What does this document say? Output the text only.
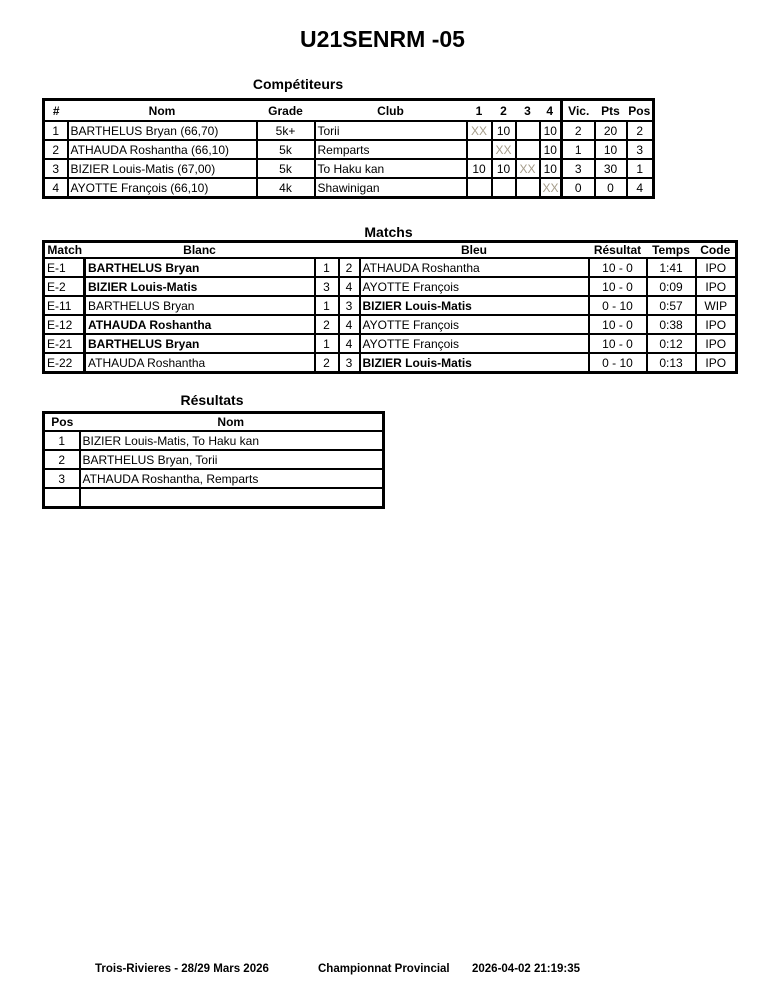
U21SENRM -05
Compétiteurs
#	Nom	Grade	Club	1	2	3	4	Vic.	Pts	Pos
1	BARTHELUS Bryan (66,70)	5k+	Torii	XX	10		10	2	20	2
2	ATHAUDA Roshantha (66,10)	5k	Remparts		XX		10	1	10	3
3	BIZIER Louis-Matis (67,00)	5k	To Haku kan	10	10	XX	10	3	30	1
4	AYOTTE François (66,10)	4k	Shawinigan				XX	0	0	4
Matchs
Match	Blanc			Bleu	Résultat	Temps	Code
E-1	BARTHELUS Bryan	1	2	ATHAUDA Roshantha	10 - 0	1:41	IPO
E-2	BIZIER Louis-Matis	3	4	AYOTTE François	10 - 0	0:09	IPO
E-11	BARTHELUS Bryan	1	3	BIZIER Louis-Matis	0 - 10	0:57	WIP
E-12	ATHAUDA Roshantha	2	4	AYOTTE François	10 - 0	0:38	IPO
E-21	BARTHELUS Bryan	1	4	AYOTTE François	10 - 0	0:12	IPO
E-22	ATHAUDA Roshantha	2	3	BIZIER Louis-Matis	0 - 10	0:13	IPO
Résultats
Pos	Nom
1	BIZIER Louis-Matis, To Haku kan
2	BARTHELUS Bryan, Torii
3	ATHAUDA Roshantha, Remparts

Trois-Rivieres - 28/29 Mars 2026	Championnat Provincial 2026-04-02 21:19:35
